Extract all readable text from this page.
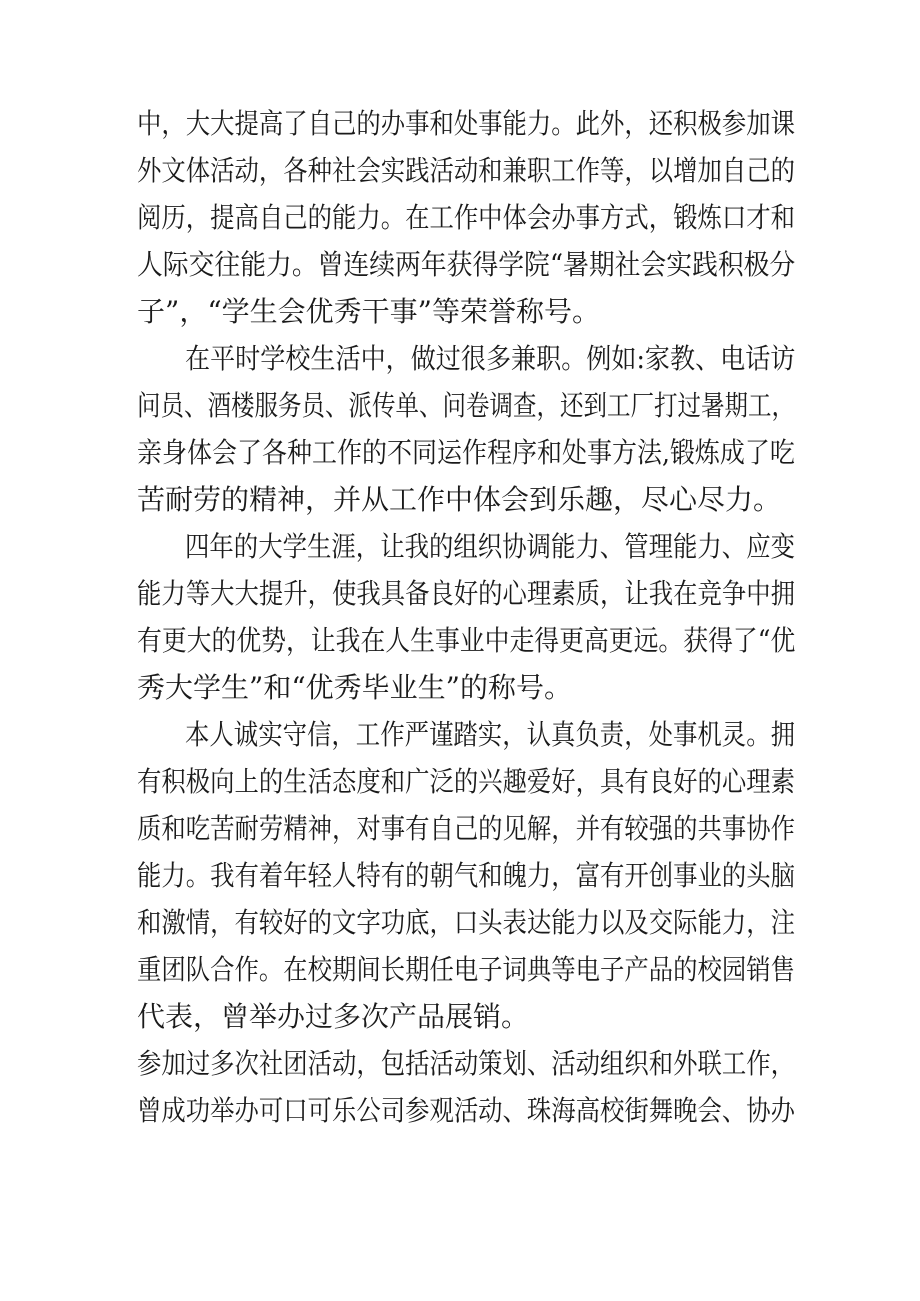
中，大大提高了自己的办事和处事能力。此外，还积极参加课
外文体活动，各种社会实践活动和兼职工作等，以增加自己的
阅历，提高自己的能力。在工作中体会办事方式，锻炼口才和
人际交往能力。曾连续两年获得学院“暑期社会实践积极分
子”，“学生会优秀干事”等荣誉称号。
在平时学校生活中，做过很多兼职。例如:家教、电话访
问员、酒楼服务员、派传单、问卷调查，还到工厂打过暑期工，
亲身体会了各种工作的不同运作程序和处事方法,锻炼成了吃
苦耐劳的精神，并从工作中体会到乐趣，尽心尽力。
四年的大学生涯，让我的组织协调能力、管理能力、应变
能力等大大提升，使我具备良好的心理素质，让我在竞争中拥
有更大的优势，让我在人生事业中走得更高更远。获得了“优
秀大学生”和“优秀毕业生”的称号。
本人诚实守信，工作严谨踏实，认真负责，处事机灵。拥
有积极向上的生活态度和广泛的兴趣爱好，具有良好的心理素
质和吃苦耐劳精神，对事有自己的见解，并有较强的共事协作
能力。我有着年轻人特有的朝气和魄力，富有开创事业的头脑
和激情，有较好的文字功底，口头表达能力以及交际能力，注
重团队合作。在校期间长期任电子词典等电子产品的校园销售
代表，曾举办过多次产品展销。
参加过多次社团活动，包括活动策划、活动组织和外联工作，
曾成功举办可口可乐公司参观活动、珠海高校街舞晚会、协办
